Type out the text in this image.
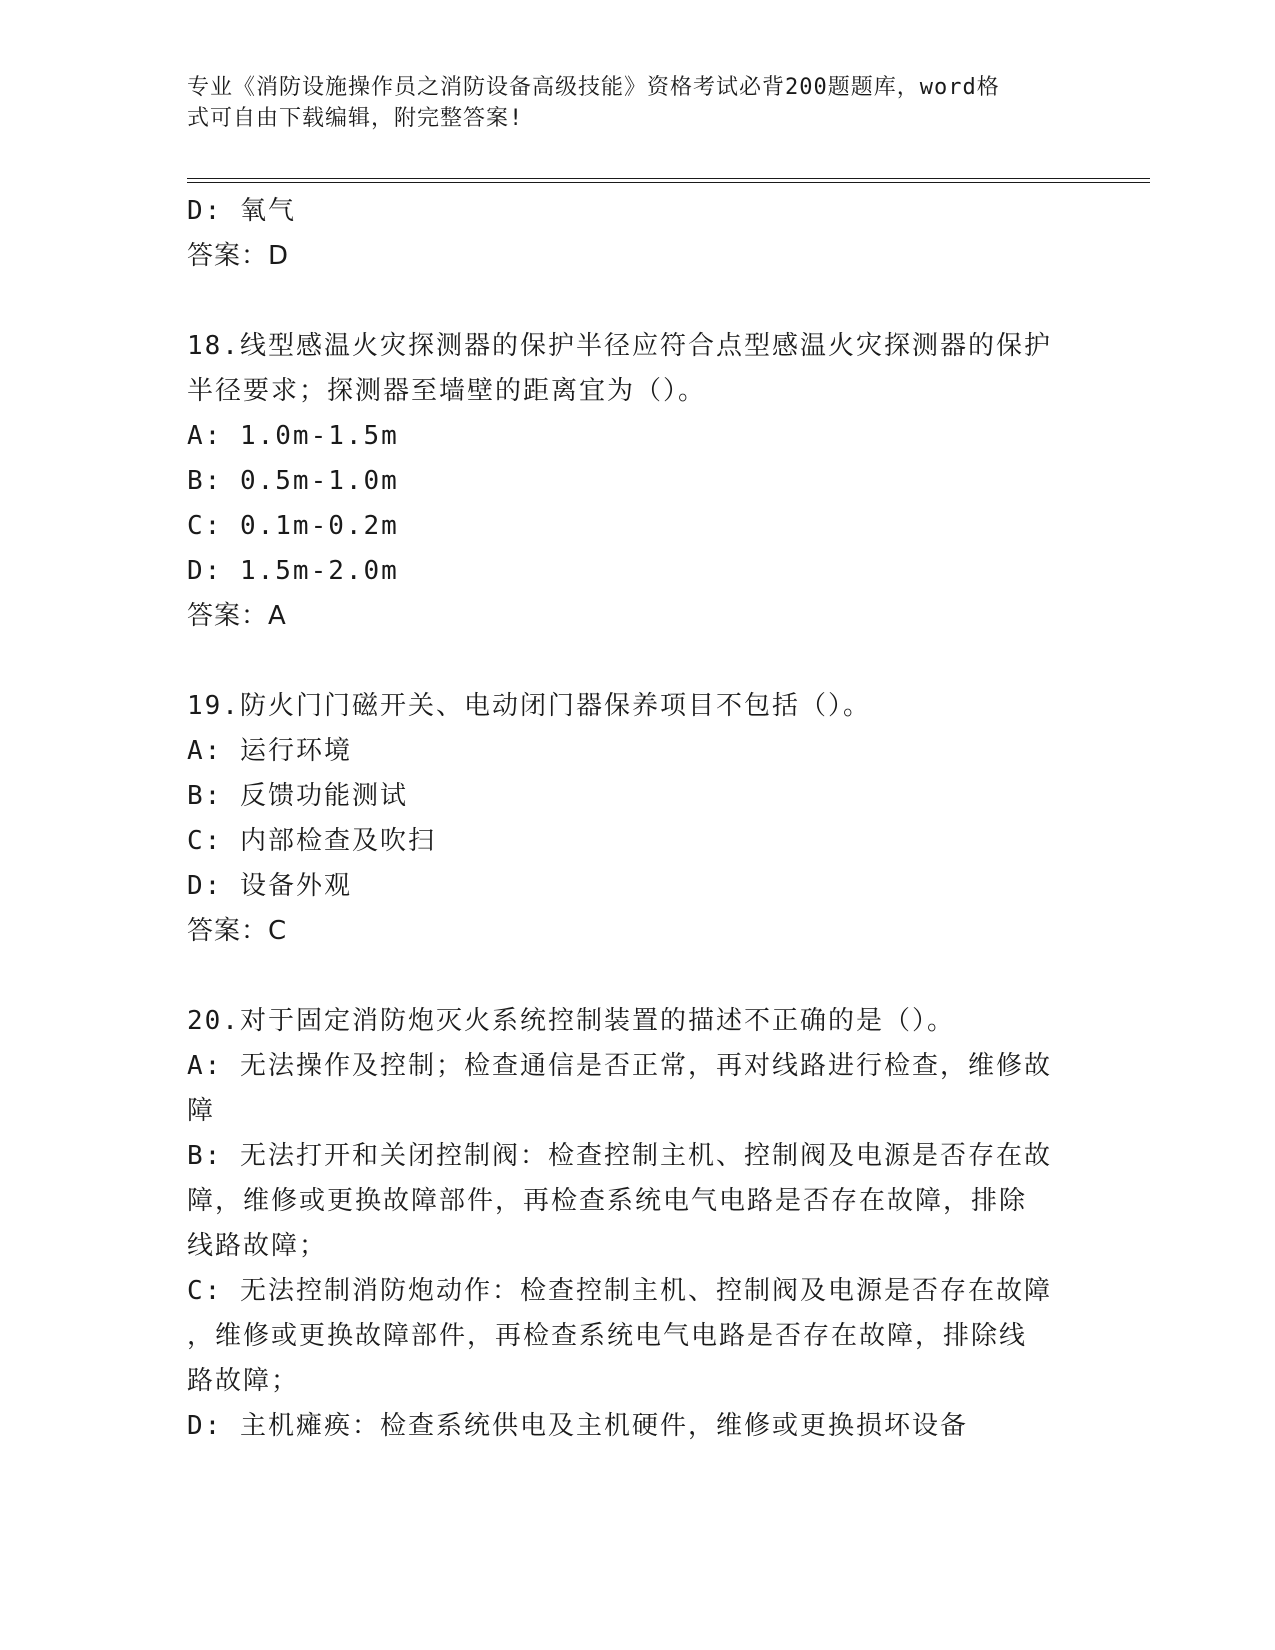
专业《消防设施操作员之消防设备高级技能》资格考试必背200题题库，word格
式可自由下载编辑，附完整答案!
D: 氧气
答案：D
18.线型感温火灾探测器的保护半径应符合点型感温火灾探测器的保护
半径要求；探测器至墙壁的距离宜为（）。
A: 1.0m-1.5m
B: 0.5m-1.0m
C: 0.1m-0.2m
D: 1.5m-2.0m
答案：A
19.防火门门磁开关、电动闭门器保养项目不包括（）。
A: 运行环境
B: 反馈功能测试
C: 内部检查及吹扫
D: 设备外观
答案：C
20.对于固定消防炮灭火系统控制装置的描述不正确的是（）。
A: 无法操作及控制；检查通信是否正常，再对线路进行检查，维修故
障
B: 无法打开和关闭控制阀：检查控制主机、控制阀及电源是否存在故
障，维修或更换故障部件，再检查系统电气电路是否存在故障，排除
线路故障；
C: 无法控制消防炮动作：检查控制主机、控制阀及电源是否存在故障
，维修或更换故障部件，再检查系统电气电路是否存在故障，排除线
路故障；
D: 主机瘫痪：检查系统供电及主机硬件，维修或更换损坏设备
